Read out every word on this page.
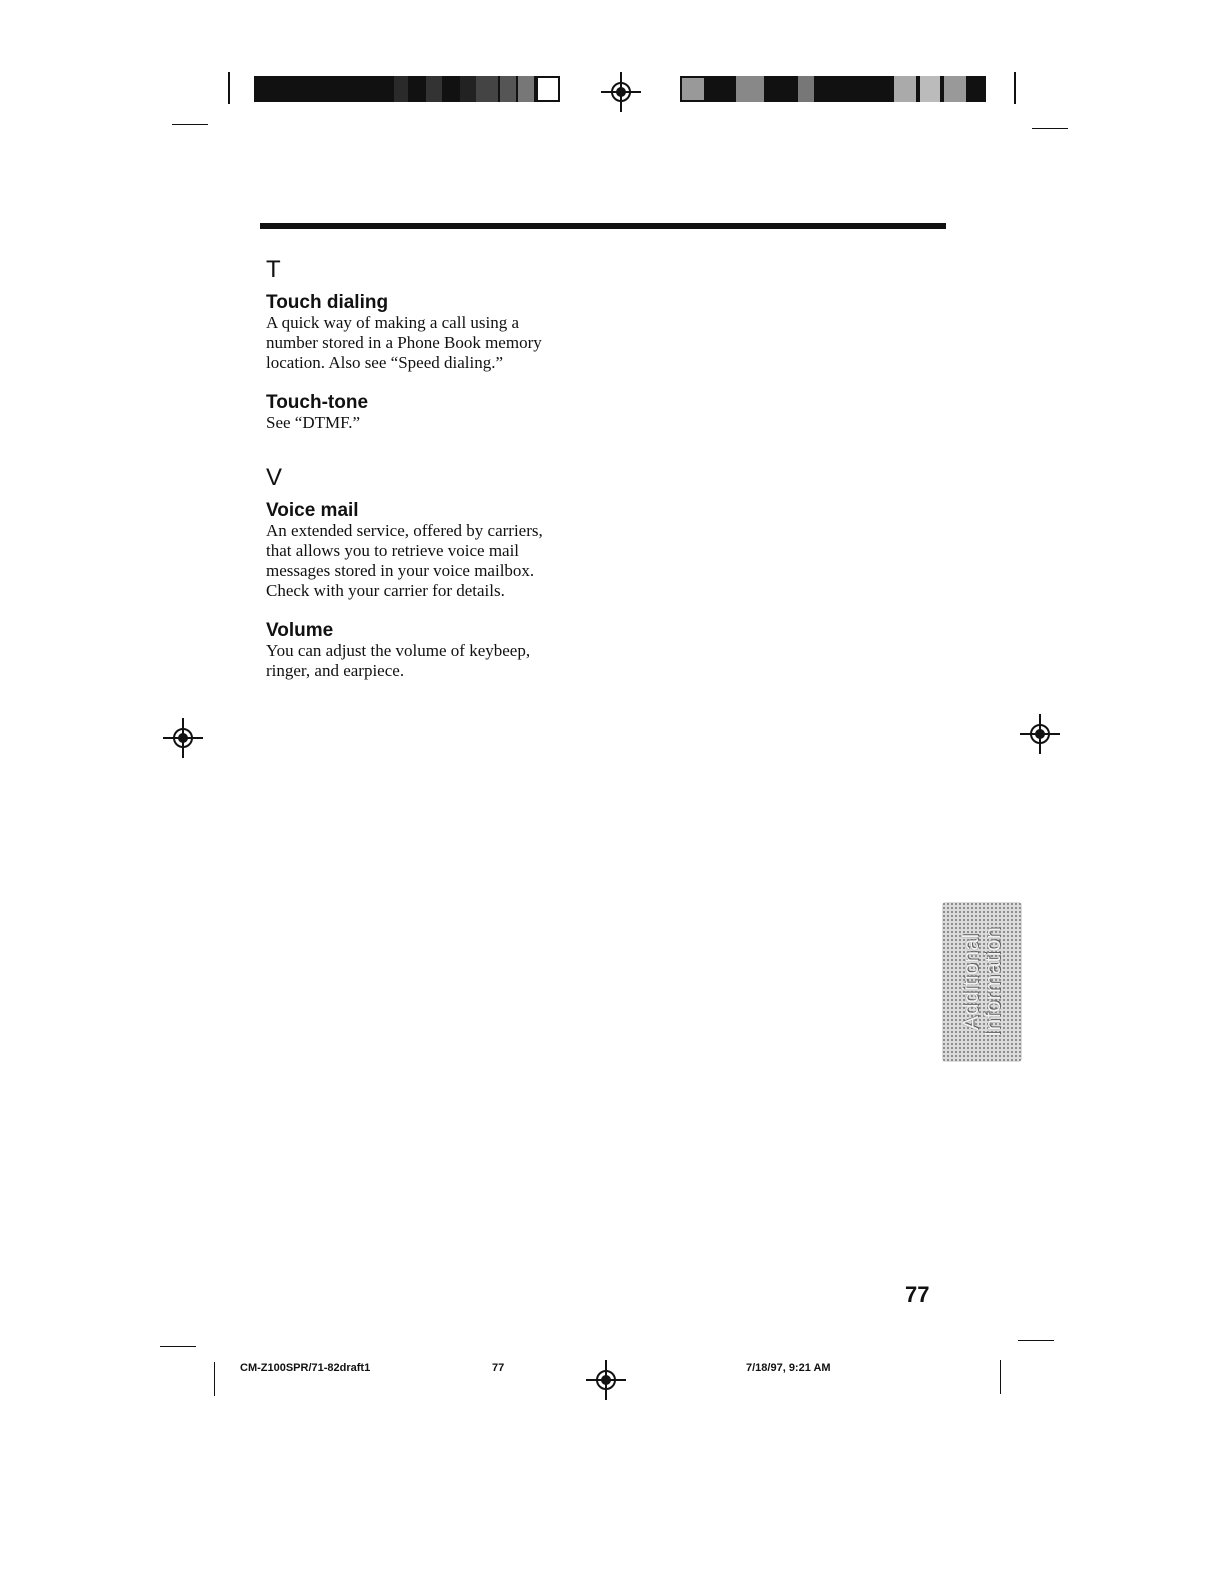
T
Touch dialing

A quick way of making a call using a
number stored in a Phone Book memory
location. Also see “Speed dialing.”

Touch-tone

See “DTMF.”

V
Voice mail

An extended service, offered by carriers,
that allows you to retrieve voice mail
messages stored in your voice mailbox.
Check with your carrier for details.

Volume

You can adjust the volume of keybeep,
ringer, and earpiece.

Additional
Information
77
CM-Z100SPR/71-82draft1	77	7/18/97, 9:21 AM
